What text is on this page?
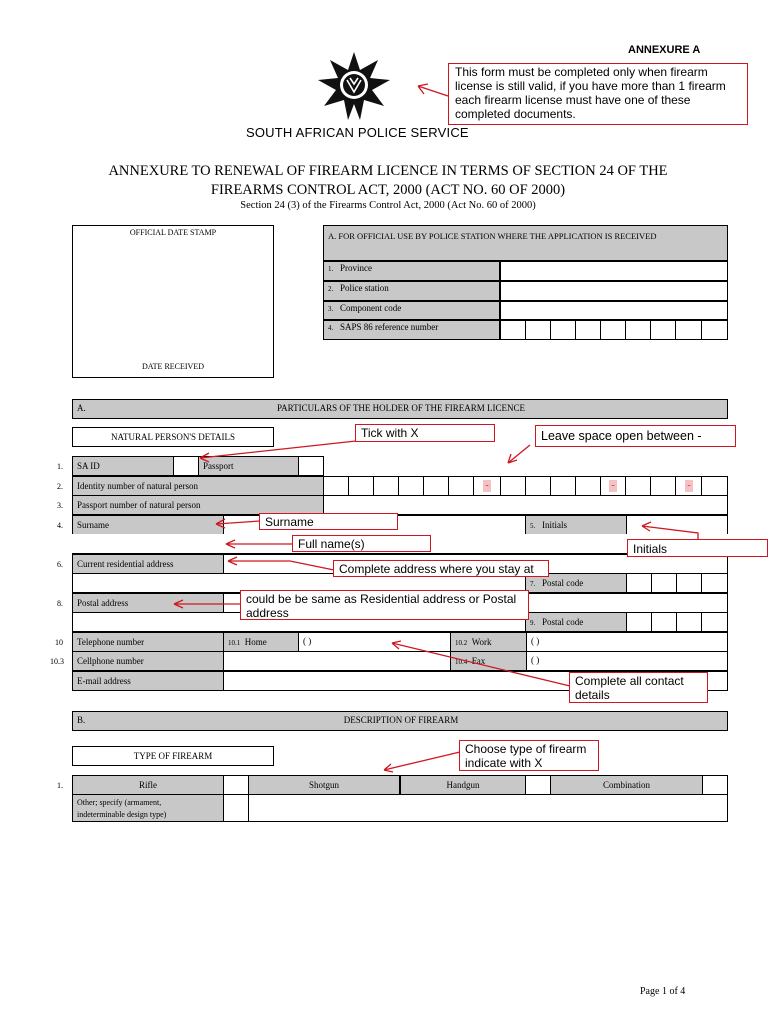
ANNEXURE A
SOUTH AFRICAN POLICE SERVICE
ANNEXURE TO RENEWAL OF FIREARM LICENCE IN TERMS OF SECTION 24 OF THE
FIREARMS CONTROL ACT, 2000 (ACT NO. 60 OF 2000)
Section 24 (3) of the Firearms Control Act, 2000 (Act No. 60 of 2000)
OFFICIAL DATE STAMP
DATE RECEIVED
A. FOR OFFICIAL USE BY POLICE STATION WHERE THE APPLICATION IS RECEIVED
1. Province
2. Police station
3. Component code
4. SAPS 86 reference number
A.	PARTICULARS OF THE HOLDER OF THE FIREARM LICENCE
NATURAL PERSON'S DETAILS
1.	SA ID	Passport
2.	Identity number of natural person	-	-	-
3.	Passport number of natural person
4.	Surname	5. Initials
6.	Current residential address
7. Postal code
8.	Postal address
9. Postal code
10	Telephone number	10.1 Home	( )	10.2 Work	( )
10.3	Cellphone number	10.4 Fax	( )
E-mail address
B.	DESCRIPTION OF FIREARM
TYPE OF FIREARM
1.	Rifle	Shotgun	Handgun	Combination
Other; specify (armament,
indeterminable design type)
Page 1 of 4
This form must be completed only when firearm license is still valid, if you have more than 1 firearm each firearm license must have one of these completed documents.
Tick with X	Leave space open between -
Surname
Full name(s)	Initials
Complete address where you stay at
could be be same as Residential address or Postal address
Complete all contact details
Choose type of firearm indicate with X
